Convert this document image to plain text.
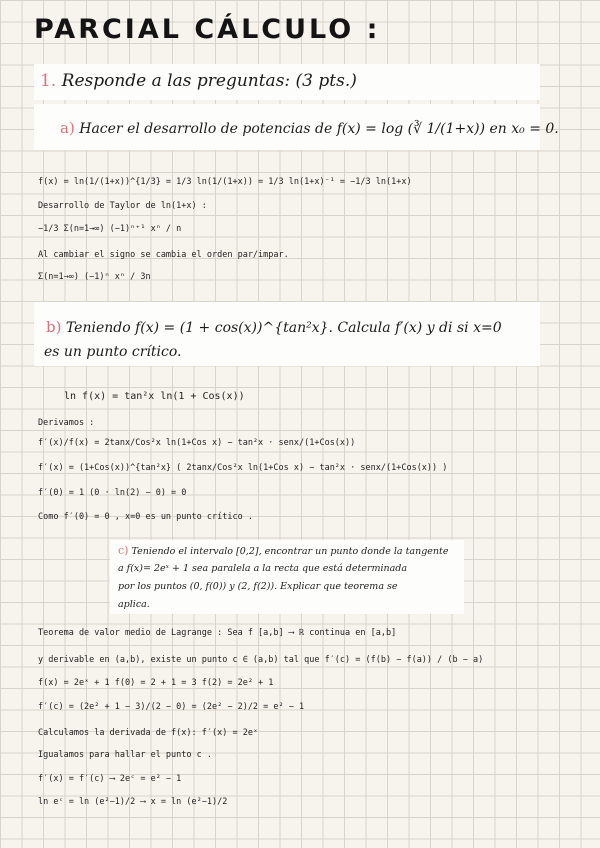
PARCIAL CÁLCULO :
1. Responde a las preguntas: (3 pts.)
a) Hacer el desarrollo de potencias de f(x) = log (∛ 1/(1+x)) en x₀ = 0.
f(x) = ln(1/(1+x))^{1/3} = 1/3 ln(1/(1+x)) = 1/3 ln(1+x)⁻¹ = −1/3 ln(1+x)
Desarrollo de Taylor de ln(1+x) :
−1/3 Σ(n=1→∞) (−1)ⁿ⁺¹ xⁿ / n
Al cambiar el signo se cambia el orden par/impar.
Σ(n=1→∞) (−1)ⁿ xⁿ / 3n
b) Teniendo f(x) = (1 + cos(x))^{tan²x}. Calcula f′(x) y di si x=0
es un punto crítico.
ln f(x) = tan²x ln(1 + Cos(x))
Derivamos :
f′(x)/f(x) = 2tanx/Cos²x ln(1+Cos x) − tan²x · senx/(1+Cos(x))
f′(x) = (1+Cos(x))^{tan²x} ( 2tanx/Cos²x ln(1+Cos x) − tan²x · senx/(1+Cos(x)) )
f′(0) = 1 (0 · ln(2) − 0) = 0
Como f′(0) = 0 , x=0 es un punto crítico .
c) Teniendo el intervalo [0,2], encontrar un punto donde la tangente
a f(x)= 2eˣ + 1 sea paralela a la recta que está determinada
por los puntos (0, f(0)) y (2, f(2)). Explicar que teorema se
aplica.
Teorema de valor medio de Lagrange : Sea f [a,b] ⟶ ℝ continua en [a,b]
y derivable en (a,b), existe un punto c ∈ (a,b) tal que f′(c) = (f(b) − f(a)) / (b − a)
f(x) = 2eˣ + 1 f(0) = 2 + 1 = 3 f(2) = 2e² + 1
f′(c) = (2e² + 1 − 3)/(2 − 0) = (2e² − 2)/2 = e² − 1
Calculamos la derivada de f(x): f′(x) = 2eˣ
Igualamos para hallar el punto c .
f′(x) = f′(c) ⟶ 2eᶜ = e² − 1
ln eᶜ = ln (e²−1)/2 ⟶ x = ln (e²−1)/2
